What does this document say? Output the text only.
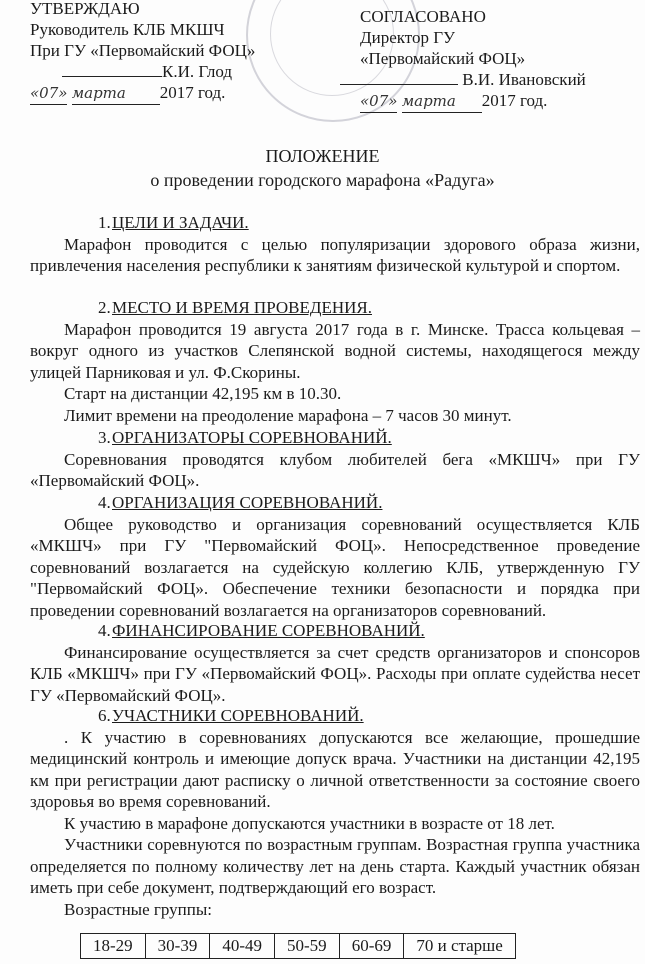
УТВЕРЖДАЮ
Руководитель КЛБ МКШЧ
При ГУ «Первомайский ФОЦ»
К.И. Глод
«07» марта 2017 год.
СОГЛАСОВАНО
Директор ГУ
«Первомайский ФОЦ»
В.И. Ивановский
«07» марта 2017 год.
ПОЛОЖЕНИЕ
о проведении городского марафона «Радуга»
1.ЦЕЛИ И ЗАДАЧИ.

Марафон проводится с целью популяризации здорового образа жизни, привлечения населения республики к занятиям физической культурой и спортом.

2.МЕСТО И ВРЕМЯ ПРОВЕДЕНИЯ.

Марафон проводится 19 августа 2017 года в г. Минске. Трасса кольцевая – вокруг одного из участков Слепянской водной системы, находящегося между улицей Парниковая и ул. Ф.Скорины.

Старт на дистанции 42,195 км в 10.30.

Лимит времени на преодоление марафона – 7 часов 30 минут.

3.ОРГАНИЗАТОРЫ СОРЕВНОВАНИЙ.

Соревнования проводятся клубом любителей бега «МКШЧ» при ГУ «Первомайский ФОЦ».

4.ОРГАНИЗАЦИЯ СОРЕВНОВАНИЙ.

Общее руководство и организация соревнований осуществляется КЛБ «МКШЧ» при ГУ "Первомайский ФОЦ». Непосредственное проведение соревнований возлагается на судейскую коллегию КЛБ, утвержденную ГУ "Первомайский ФОЦ». Обеспечение техники безопасности и порядка при проведении соревнований возлагается на организаторов соревнований.

4.ФИНАНСИРОВАНИЕ СОРЕВНОВАНИЙ.

Финансирование осуществляется за счет средств организаторов и спонсоров КЛБ «МКШЧ» при ГУ «Первомайский ФОЦ». Расходы при оплате судейства несет ГУ «Первомайский ФОЦ».

6.УЧАСТНИКИ СОРЕВНОВАНИЙ.

. К участию в соревнованиях допускаются все желающие, прошедшие медицинский контроль и имеющие допуск врача. Участники на дистанции 42,195 км при регистрации дают расписку о личной ответственности за состояние своего здоровья во время соревнований.

К участию в марафоне допускаются участники в возрасте от 18 лет.

Участники соревнуются по возрастным группам. Возрастная группа участника определяется по полному количеству лет на день старта. Каждый участник обязан иметь при себе документ, подтверждающий его возраст.

Возрастные группы:

18-29	30-39	40-49	50-59	60-69	70 и старше
